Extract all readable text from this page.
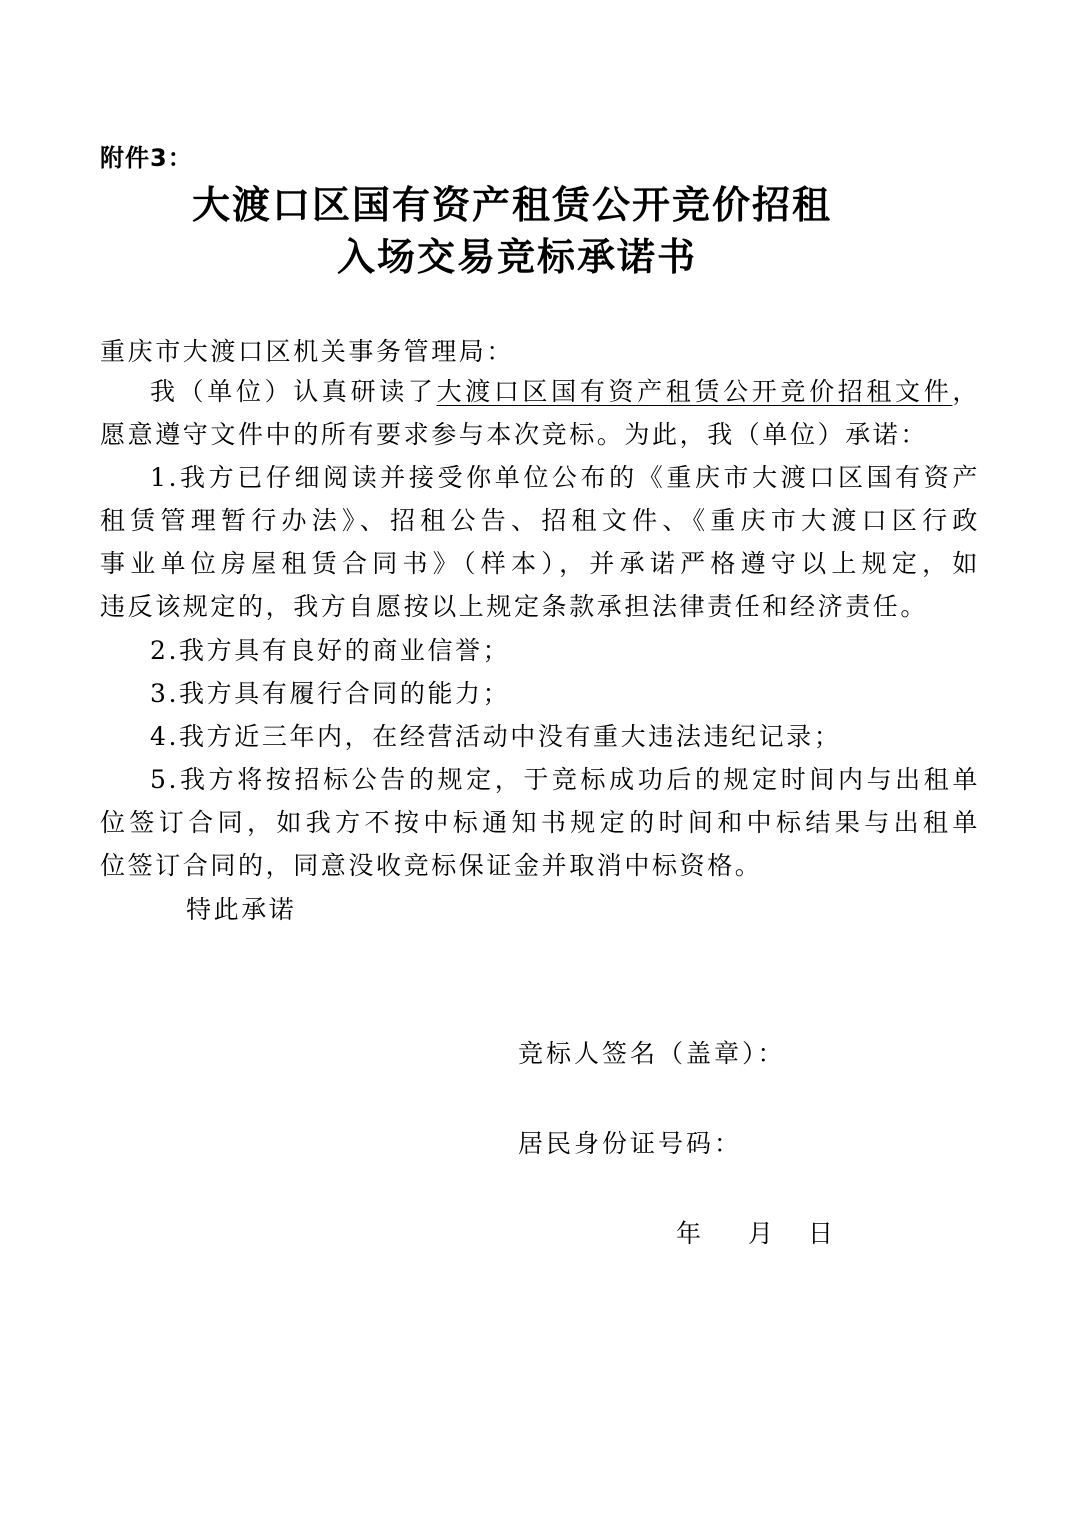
附件3：
大渡口区国有资产租赁公开竞价招租
入场交易竞标承诺书
重庆市大渡口区机关事务管理局：
我（单位）认真研读了大渡口区国有资产租赁公开竞价招租文件，
愿意遵守文件中的所有要求参与本次竞标。为此，我（单位）承诺：
1.我方已仔细阅读并接受你单位公布的《重庆市大渡口区国有资产
租赁管理暂行办法》、招租公告、招租文件、《重庆市大渡口区行政
事业单位房屋租赁合同书》（样本），并承诺严格遵守以上规定，如
违反该规定的，我方自愿按以上规定条款承担法律责任和经济责任。
2.我方具有良好的商业信誉；
3.我方具有履行合同的能力；
4.我方近三年内，在经营活动中没有重大违法违纪记录；
5.我方将按招标公告的规定，于竞标成功后的规定时间内与出租单
位签订合同，如我方不按中标通知书规定的时间和中标结果与出租单
位签订合同的，同意没收竞标保证金并取消中标资格。
特此承诺
竞标人签名（盖章）：
居民身份证号码：
年 月 日
